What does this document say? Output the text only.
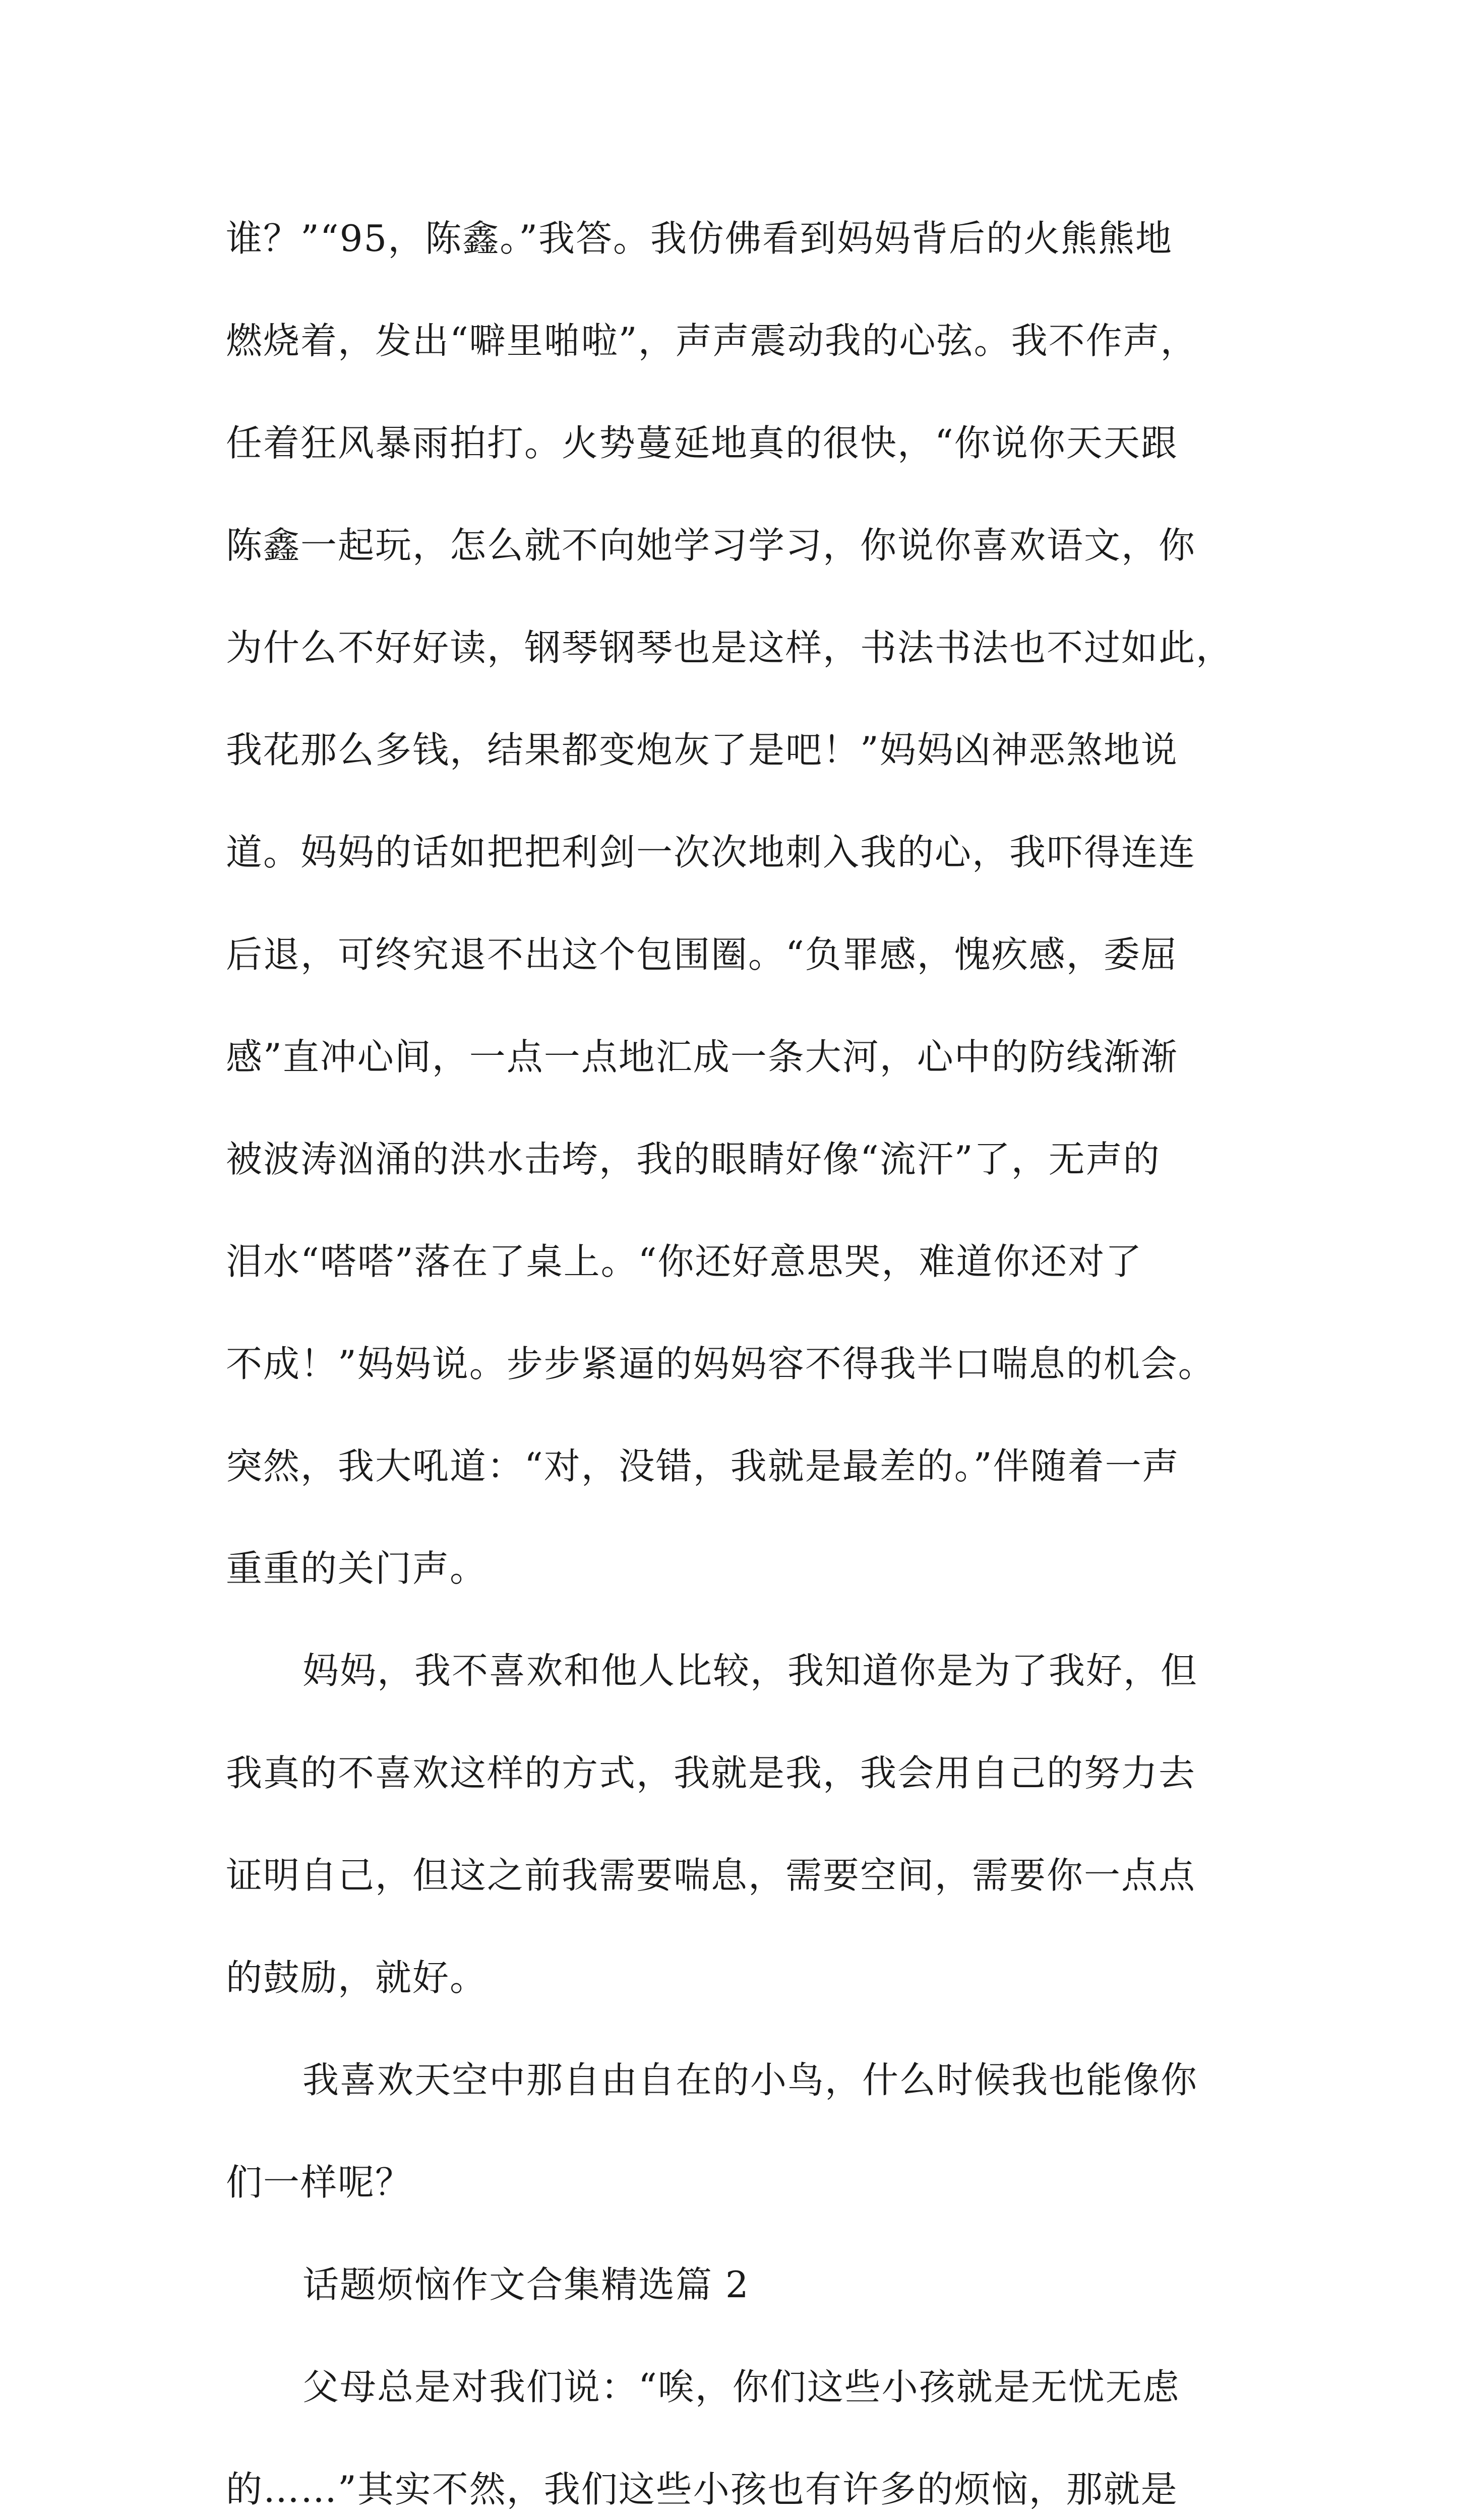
谁？”“95，陈鑫。”我答。我仿佛看到妈妈背后的火熊熊地
燃烧着，发出“噼里啪啦”，声声震动我的心弦。我不作声，
任着狂风暴雨拍打。火势蔓延地真的很快，“你说你天天跟
陈鑫一起玩，怎么就不向她学习学习，你说你喜欢语文，你
为什么不好好读，钢琴钢琴也是这样，书法书法也不过如此，
我花那么多钱，结果都变炮灰了是吧！”妈妈凶神恶煞地说
道。妈妈的话如把把利剑一次次地刺入我的心，我吓得连连
后退，可终究退不出这个包围圈。“负罪感，愧疚感，委屈
感”直冲心间，一点一点地汇成一条大河，心中的防线渐渐
被波涛汹涌的洪水击垮，我的眼睛好像“流汗”了，无声的
泪水“嗒嗒”落在了桌上。“你还好意思哭，难道你还对了
不成！”妈妈说。步步紧逼的妈妈容不得我半口喘息的机会。
突然，我大吼道：“对，没错，我就是最差的。”伴随着一声
重重的关门声。
妈妈，我不喜欢和他人比较，我知道你是为了我好，但
我真的不喜欢这样的方式，我就是我，我会用自己的努力去
证明自己，但这之前我需要喘息，需要空间，需要你一点点
的鼓励，就好。
我喜欢天空中那自由自在的小鸟，什么时候我也能像你
们一样呢？
话题烦恼作文合集精选篇 2
父母总是对我们说：“唉，你们这些小孩就是无忧无虑
的……”其实不然，我们这些小孩也有许多的烦恼，那就是
